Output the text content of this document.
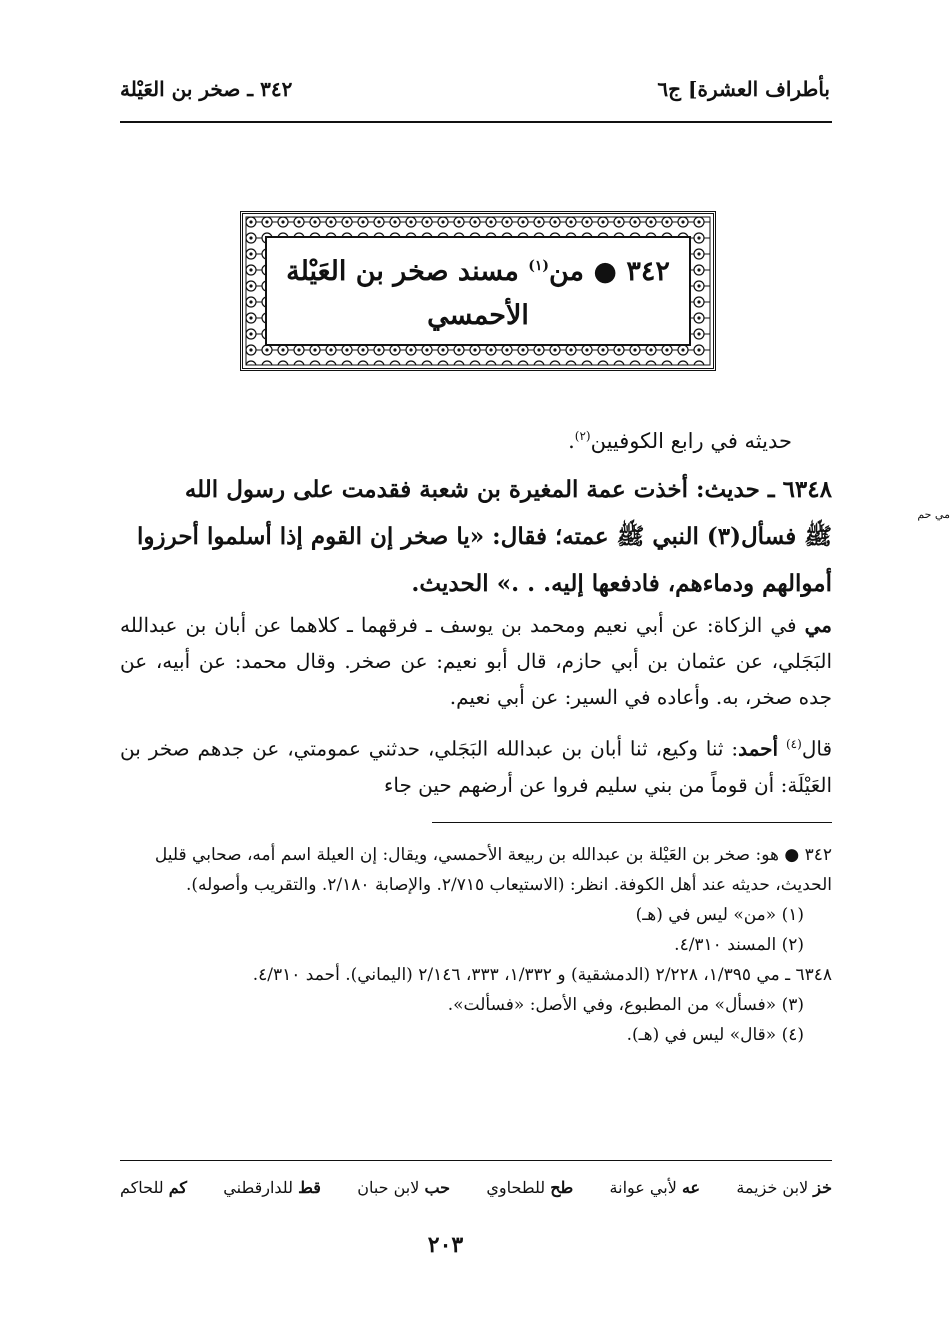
بأطراف العشرة] ج٦
٣٤٢ ـ صخر بن العَيْلة
٣٤٢ ● من$^{(١)}$ مسند صخر بن العَيْلة
الأحمسي
حديثه في رابع الكوفيين$^{(٢)}$.
٦٣٤٨ ـ حديث: أخذت عمة المغيرة بن شعبة فقدمت على رسول الله
مي حم
ﷺ فسأل(٣) النبي ﷺ عمته؛ فقال: «يا صخر إن القوم إذا أسلموا أحرزوا
أموالهم ودماءهم، فادفعها إليه. . .» الحديث.
مي في الزكاة: عن أبي نعيم ومحمد بن يوسف ـ فرقهما ـ كلاهما عن أبان بن عبدالله البَجَلي، عن عثمان بن أبي حازم، قال أبو نعيم: عن صخر. وقال محمد: عن أبيه، عن جده صخر، به. وأعاده في السير: عن أبي نعيم.
قال$^{(٤)}$ أحمد: ثنا وكيع، ثنا أبان بن عبدالله البَجَلي، حدثني عمومتي، عن جدهم صخر بن العَيْلَة: أن قوماً من بني سليم فروا عن أرضهم حين جاء

٣٤٢ ● هو: صخر بن العَيْلة بن عبدالله بن ربيعة الأحمسي، ويقال: إن العيلة اسم أمه، صحابي قليل الحديث، حديثه عند أهل الكوفة. انظر: (الاستيعاب ٢/٧١٥. والإصابة ٢/١٨٠. والتقريب وأصوله).

(١) «من» ليس في (هـ)

(٢) المسند ٤/٣١٠.

٦٣٤٨ ـ مي ١/٣٩٥، ٢/٢٢٨ (الدمشقية) و ١/٣٣٢، ٣٣٣، ٢/١٤٦ (اليماني). أحمد ٤/٣١٠.

(٣) «فسأل» من المطبوع، وفي الأصل: «فسألت».

(٤) «قال» ليس في (هـ).

خز لابن خزيمة
عه لأبي عوانة
طح للطحاوي
حب لابن حبان
قط للدارقطني
كم للحاكم
٢٠٣
